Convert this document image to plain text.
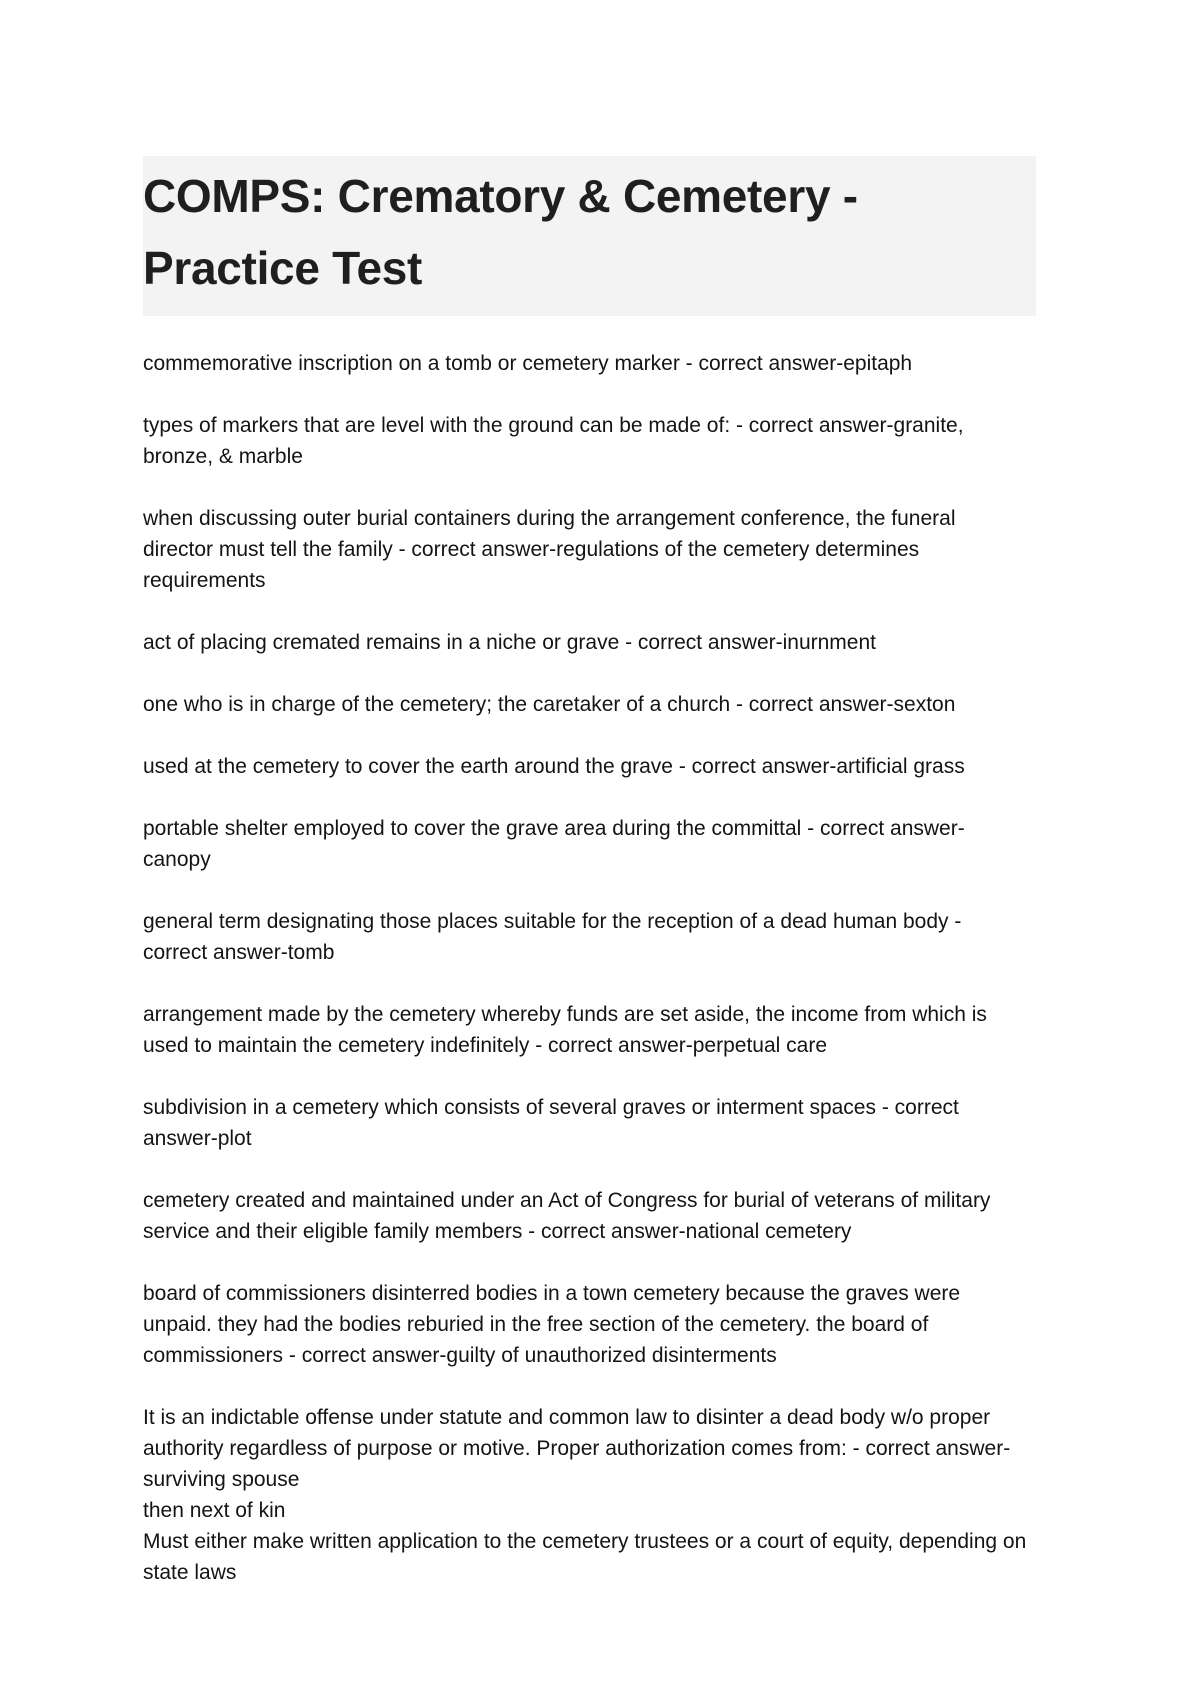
COMPS: Crematory & Cemetery -
Practice Test

commemorative inscription on a tomb or cemetery marker - correct answer-epitaph

types of markers that are level with the ground can be made of: - correct answer-granite, bronze, & marble

when discussing outer burial containers during the arrangement conference, the funeral director must tell the family - correct answer-regulations of the cemetery determines requirements

act of placing cremated remains in a niche or grave - correct answer-inurnment

one who is in charge of the cemetery; the caretaker of a church - correct answer-sexton

used at the cemetery to cover the earth around the grave - correct answer-artificial grass

portable shelter employed to cover the grave area during the committal - correct answer-canopy

general term designating those places suitable for the reception of a dead human body - correct answer-tomb

arrangement made by the cemetery whereby funds are set aside, the income from which is used to maintain the cemetery indefinitely - correct answer-perpetual care

subdivision in a cemetery which consists of several graves or interment spaces - correct answer-plot

cemetery created and maintained under an Act of Congress for burial of veterans of military service and their eligible family members - correct answer-national cemetery

board of commissioners disinterred bodies in a town cemetery because the graves were unpaid. they had the bodies reburied in the free section of the cemetery. the board of commissioners - correct answer-guilty of unauthorized disinterments

It is an indictable offense under statute and common law to disinter a dead body w/o proper authority regardless of purpose or motive. Proper authorization comes from: - correct answer-surviving spouse
then next of kin
Must either make written application to the cemetery trustees or a court of equity, depending on state laws
